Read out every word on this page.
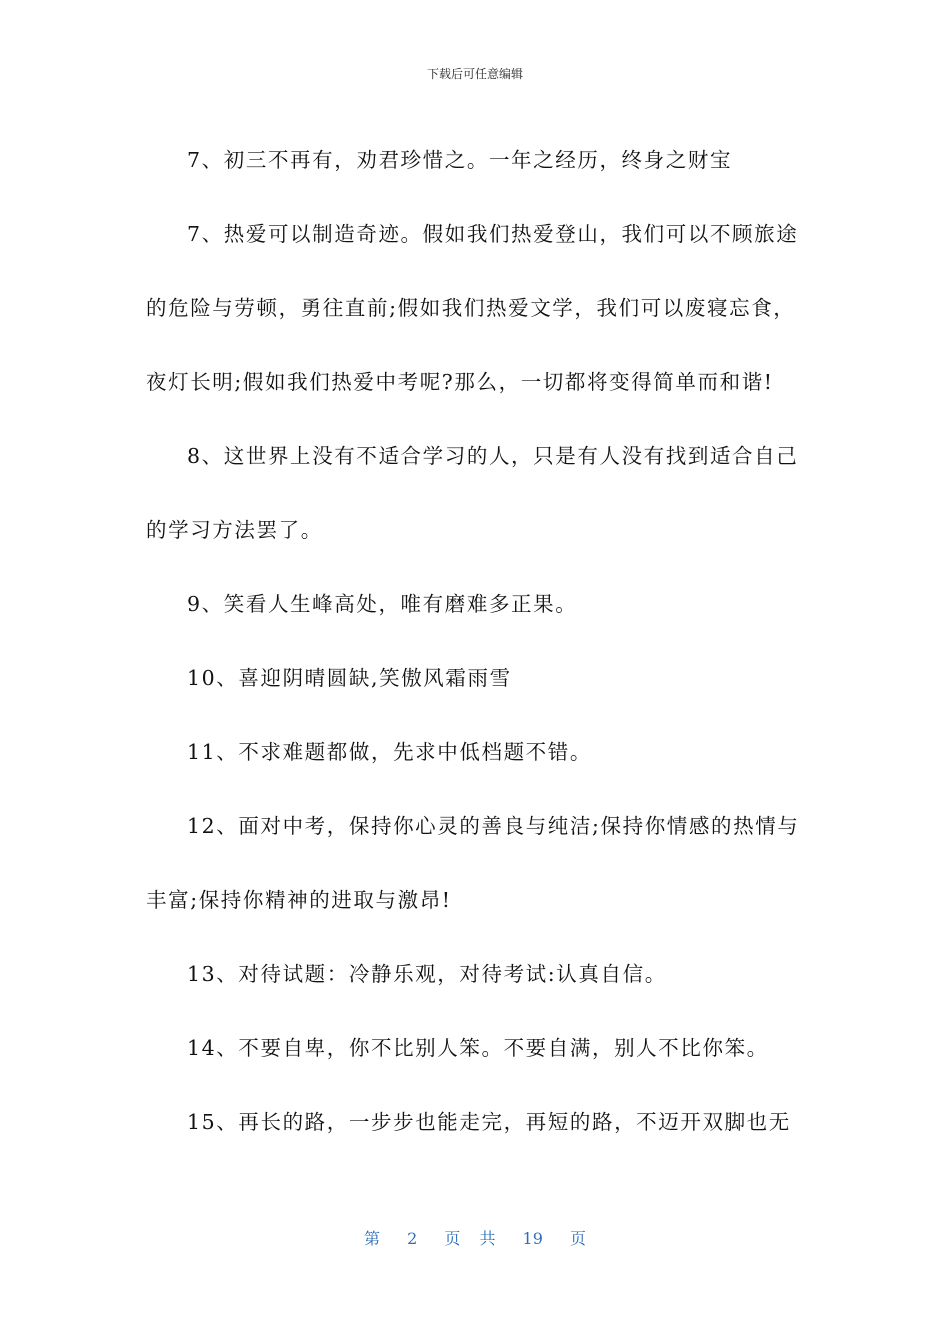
下载后可任意编辑

7、初三不再有，劝君珍惜之。一年之经历，终身之财宝

7、热爱可以制造奇迹。假如我们热爱登山，我们可以不顾旅途的危险与劳顿，勇往直前;假如我们热爱文学，我们可以废寝忘食，夜灯长明;假如我们热爱中考呢?那么，一切都将变得简单而和谐!

8、这世界上没有不适合学习的人，只是有人没有找到适合自己的学习方法罢了。

9、笑看人生峰高处，唯有磨难多正果。

10、喜迎阴晴圆缺,笑傲风霜雨雪

11、不求难题都做，先求中低档题不错。

12、面对中考，保持你心灵的善良与纯洁;保持你情感的热情与丰富;保持你精神的进取与激昂!

13、对待试题：冷静乐观，对待考试:认真自信。

14、不要自卑，你不比别人笨。不要自满，别人不比你笨。

15、再长的路，一步步也能走完，再短的路，不迈开双脚也无

第 2 页 共 19 页
